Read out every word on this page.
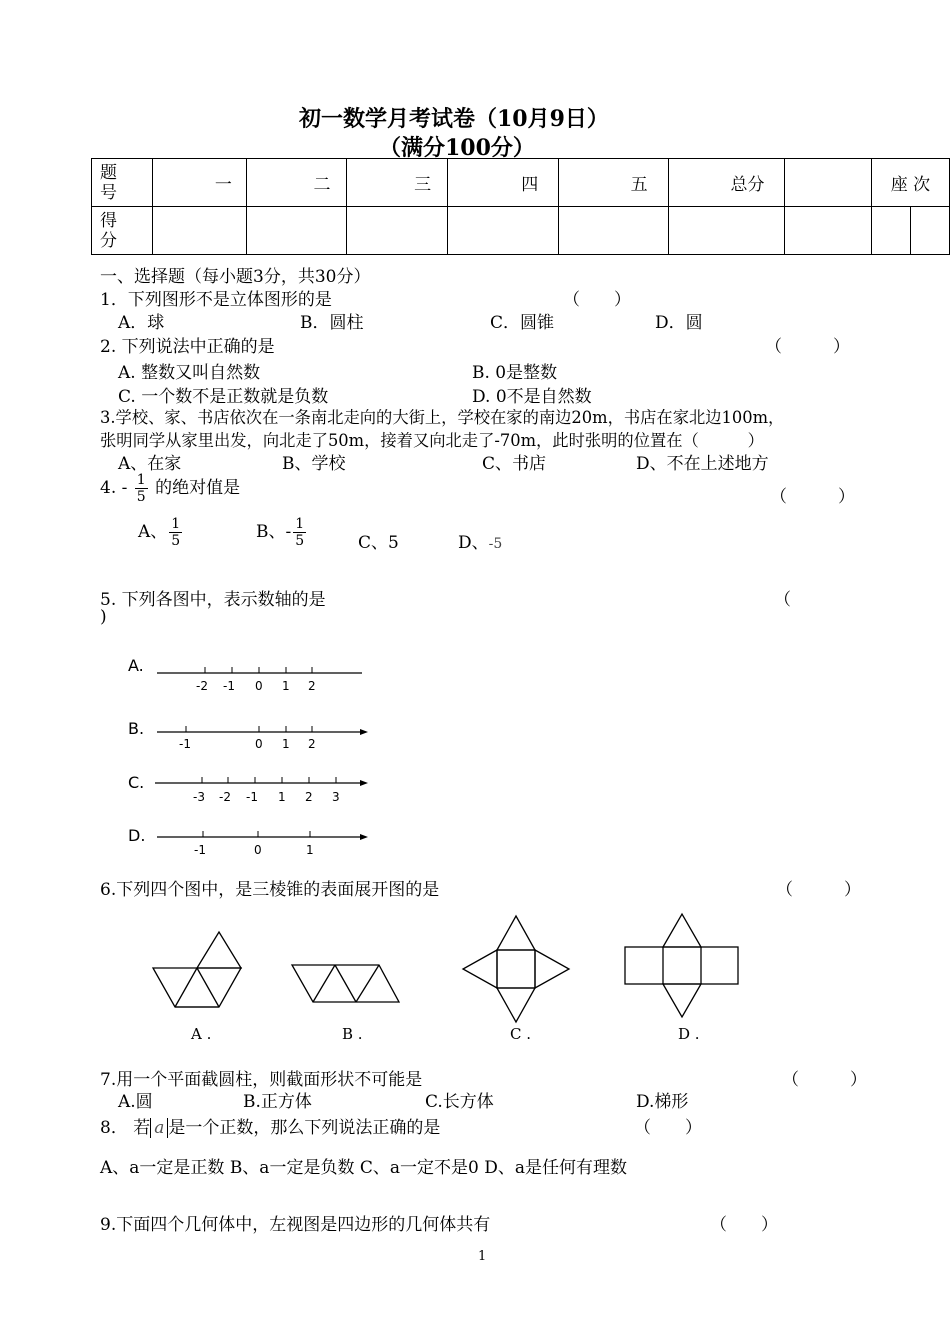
初一数学月考试卷（10月9日）
（满分100分）
题号	一	二	三	四	五	总分		座 次	

得分									

一、选择题（每小题3分，共30分）
1．下列图形不是立体图形的是	（　　）
A．球	B．圆柱	C．圆锥	D．圆
2. 下列说法中正确的是	（　　　）
A. 整数又叫自然数	B. 0是整数
C. 一个数不是正数就是负数	D. 0不是自然数
3.学校、家、书店依次在一条南北走向的大街上，学校在家的南边20m，书店在家北边100m，
张明同学从家里出发，向北走了50m，接着又向北走了-70m，此时张明的位置在（　　　）
A、在家	B、学校	C、书店	D、不在上述地方
4. - $\frac{1}{5}$ 的绝对值是	（　　　）
A、 $\frac{1}{5}$	B、- $\frac{1}{5}$	C、5	D、-5
5. 下列各图中，表示数轴的是	（
)
A.
-2 -1 0 1 2
B.
-1	0 1 2
C.
-3 -2 -1 1 2 3
D.
-1	0	1
6.下列四个图中，是三棱锥的表面展开图的是	（　　　）
A .	B .	C .	D .
7.用一个平面截圆柱，则截面形状不可能是	（　　　）
A.圆	B.正方体	C.长方体	D.梯形
8． 若 a 是一个正数，那么下列说法正确的是	（　　）
A、a一定是正数 B、a一定是负数 C、a一定不是0 D、a是任何有理数
9.下面四个几何体中，左视图是四边形的几何体共有	（　　）
1
